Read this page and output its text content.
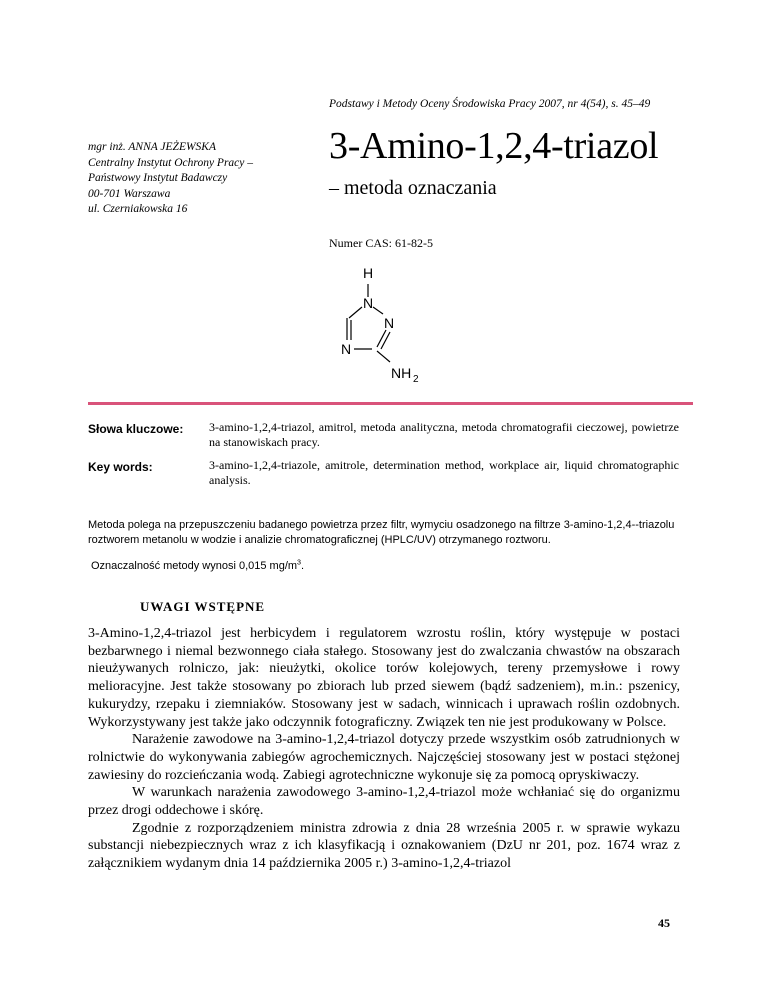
Podstawy i Metody Oceny Środowiska Pracy 2007, nr 4(54), s. 45–49
mgr inż. ANNA JEŻEWSKA
Centralny Instytut Ochrony Pracy –
Państwowy Instytut Badawczy
00-701 Warszawa
ul. Czerniakowska 16
3-Amino-1,2,4-triazol
– metoda oznaczania
Numer CAS: 61-82-5
H
N
N
N
NH 2
Słowa kluczowe: 3-amino-1,2,4-triazol, amitrol, metoda analityczna, metoda chromatografii cieczowej, powietrze na stanowiskach pracy.
Key words:	3-amino-1,2,4-triazole, amitrole, determination method, workplace air, liquid chromatographic analysis.
Metoda polega na przepuszczeniu badanego powietrza przez filtr, wymyciu osadzonego na filtrze 3-amino-1,2,4--triazolu roztworem metanolu w wodzie i analizie chromatograficznej (HPLC/UV) otrzymanego roztworu.
Oznaczalność metody wynosi 0,015 $mg/m^3$.
UWAGI WSTĘPNE

3-Amino-1,2,4-triazol jest herbicydem i regulatorem wzrostu roślin, który występuje w postaci bezbarwnego i niemal bezwonnego ciała stałego. Stosowany jest do zwalczania chwastów na obszarach nieużywanych rolniczo, jak: nieużytki, okolice torów kolejowych, tereny przemysłowe i rowy melioracyjne. Jest także stosowany po zbiorach lub przed siewem (bądź sadzeniem), m.in.: pszenicy, kukurydzy, rzepaku i ziemniaków. Stosowany jest w sadach, winnicach i uprawach roślin ozdobnych. Wykorzystywany jest także jako odczynnik fotograficzny. Związek ten nie jest produkowany w Polsce.

Narażenie zawodowe na 3-amino-1,2,4-triazol dotyczy przede wszystkim osób zatrudnionych w rolnictwie do wykonywania zabiegów agrochemicznych. Najczęściej stosowany jest w postaci stężonej zawiesiny do rozcieńczania wodą. Zabiegi agrotechniczne wykonuje się za pomocą opryskiwaczy.

W warunkach narażenia zawodowego 3-amino-1,2,4-triazol może wchłaniać się do organizmu przez drogi oddechowe i skórę.

Zgodnie z rozporządzeniem ministra zdrowia z dnia 28 września 2005 r. w sprawie wykazu substancji niebezpiecznych wraz z ich klasyfikacją i oznakowaniem (DzU nr 201, poz. 1674 wraz z załącznikiem wydanym dnia 14 października 2005 r.) 3-amino-1,2,4-triazol

45
